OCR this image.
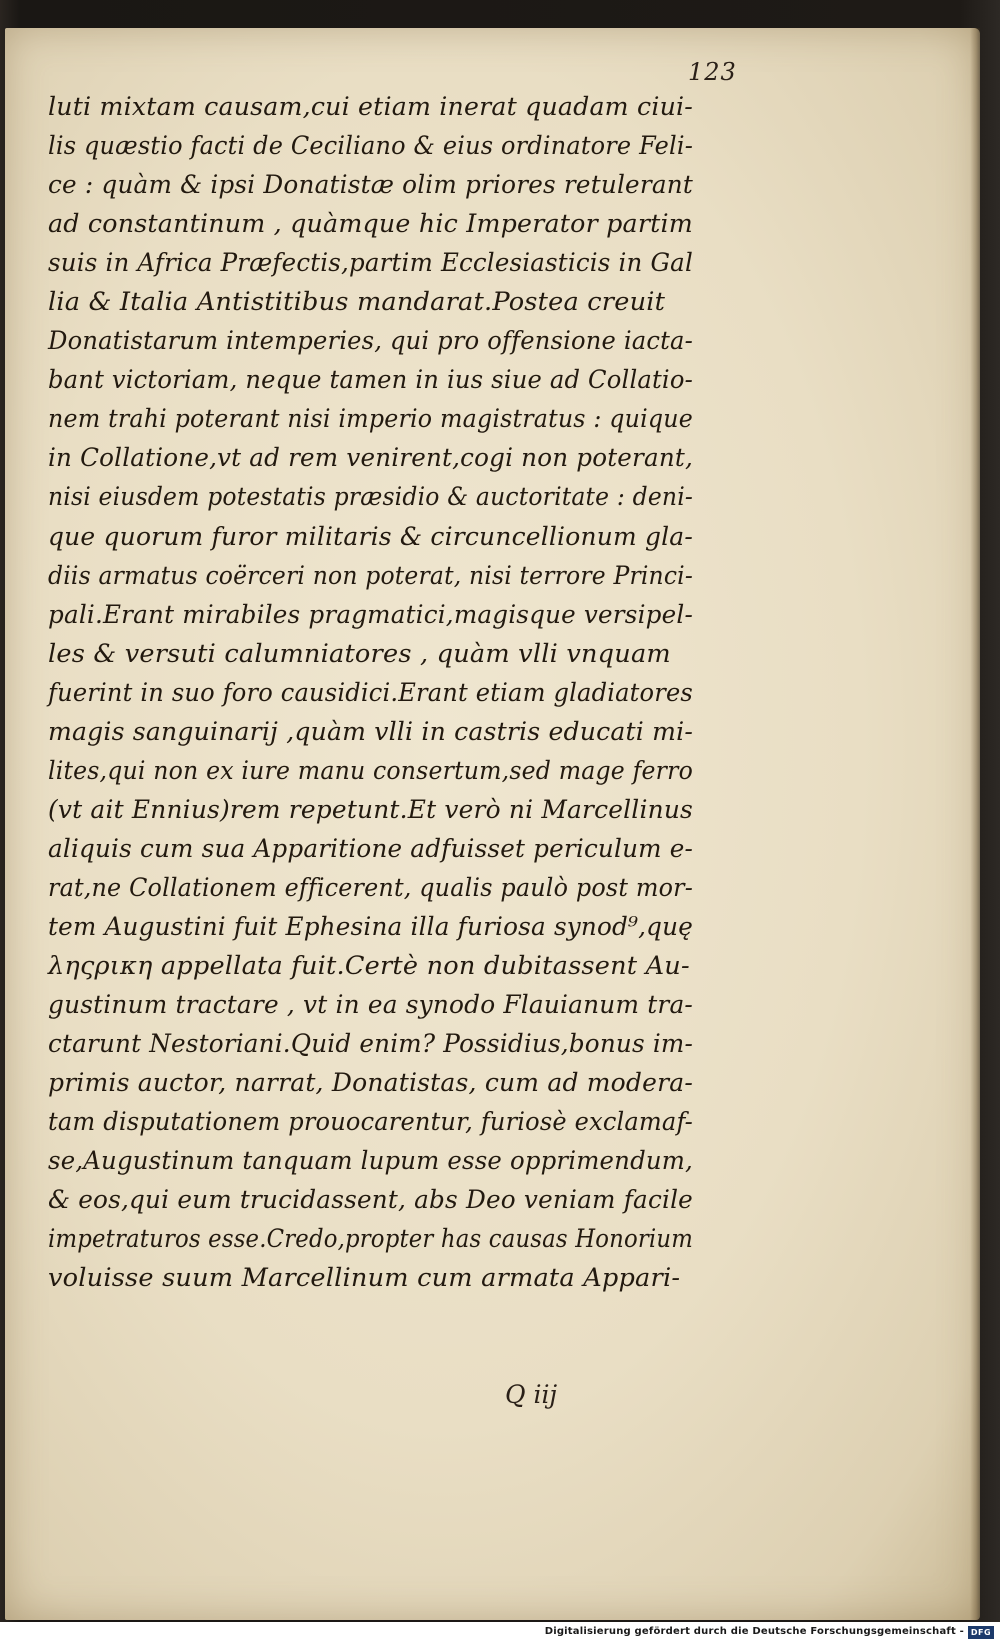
123
luti mixtam causam,cui etiam inerat quadam ciui-
lis quæstio facti de Ceciliano & eius ordinatore Feli-
ce : quàm & ipsi Donatistæ olim priores retulerant
ad constantinum , quàmque hic Imperator partim
suis in Africa Præfectis,partim Ecclesiasticis in Gal
lia & Italia Antistitibus mandarat.Postea creuit
Donatistarum intemperies, qui pro offensione iacta-
bant victoriam, neque tamen in ius siue ad Collatio-
nem trahi poterant nisi imperio magistratus : quique
in Collatione,vt ad rem venirent,cogi non poterant,
nisi eiusdem potestatis præsidio & auctoritate : deni-
que quorum furor militaris & circuncellionum gla-
diis armatus coërceri non poterat, nisi terrore Princi-
pali.Erant mirabiles pragmatici,magisque versipel-
les & versuti calumniatores , quàm vlli vnquam
fuerint in suo foro causidici.Erant etiam gladiatores
magis sanguinarij ,quàm vlli in castris educati mi-
lites,qui non ex iure manu consertum,sed mage ferro
(vt ait Ennius)rem repetunt.Et verò ni Marcellinus
aliquis cum sua Apparitione adfuisset periculum e-
rat,ne Collationem efficerent, qualis paulò post mor-
tem Augustini fuit Ephesina illa furiosa synod⁹,quę
ληςρικη appellata fuit.Certè non dubitassent Au-
gustinum tractare , vt in ea synodo Flauianum tra-
ctarunt Nestoriani.Quid enim? Possidius,bonus im-
primis auctor, narrat, Donatistas, cum ad modera-
tam disputationem prouocarentur, furiosè exclamaf-
se,Augustinum tanquam lupum esse opprimendum,
& eos,qui eum trucidassent, abs Deo veniam facile
impetraturos esse.Credo,propter has causas Honorium
voluisse suum Marcellinum cum armata Appari-
Q iij
Digitalisierung gefördert durch die Deutsche Forschungsgemeinschaft - DFG
